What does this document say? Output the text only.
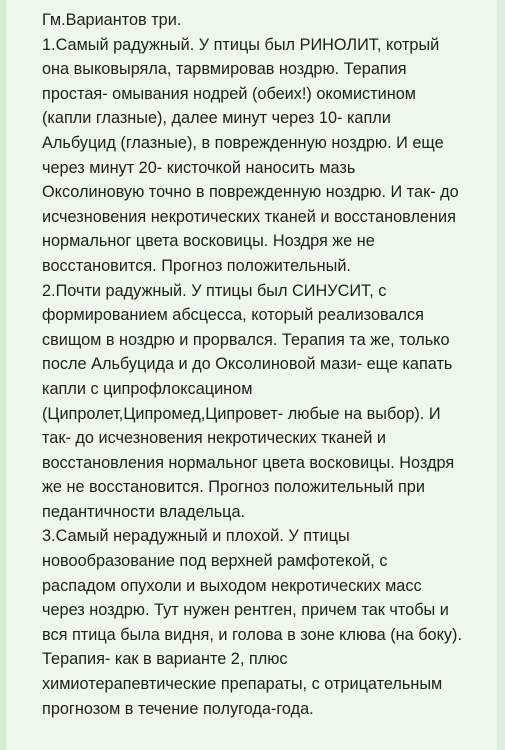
Гм.Вариантов три.
1.Самый радужный. У птицы был РИНОЛИТ, котрый
она выковыряла, тарвмировав ноздрю. Терапия
простая- омывания нодрей (обеих!) окомистином
(капли глазные), далее минут через 10- капли
Альбуцид (глазные), в поврежденную ноздрю. И еще
через минут 20- кисточкой наносить мазь
Оксолиновую точно в поврежденную ноздрю. И так- до
исчезновения некротических тканей и восстановления
нормальног цвета восковицы. Ноздря же не
восстановится. Прогноз положительный.
2.Почти радужный. У птицы был СИНУСИТ, с
формированием абсцесса, который реализовался
свищом в ноздрю и прорвался. Терапия та же, только
после Альбуцида и до Оксолиновой мази- еще капать
капли с ципрофлоксацином
(Ципролет,Ципромед,Ципровет- любые на выбор). И
так- до исчезновения некротических тканей и
восстановления нормальног цвета восковицы. Ноздря
же не восстановится. Прогноз положительный при
педантичности владельца.
3.Самый нерадужный и плохой. У птицы
новообразование под верхней рамфотекой, с
распадом опухоли и выходом некротических масс
через ноздрю. Тут нужен рентген, причем так чтобы и
вся птица была видня, и голова в зоне клюва (на боку).
Терапия- как в варианте 2, плюс
химиотерапевтические препараты, с отрицательным
прогнозом в течение полугода-года.
